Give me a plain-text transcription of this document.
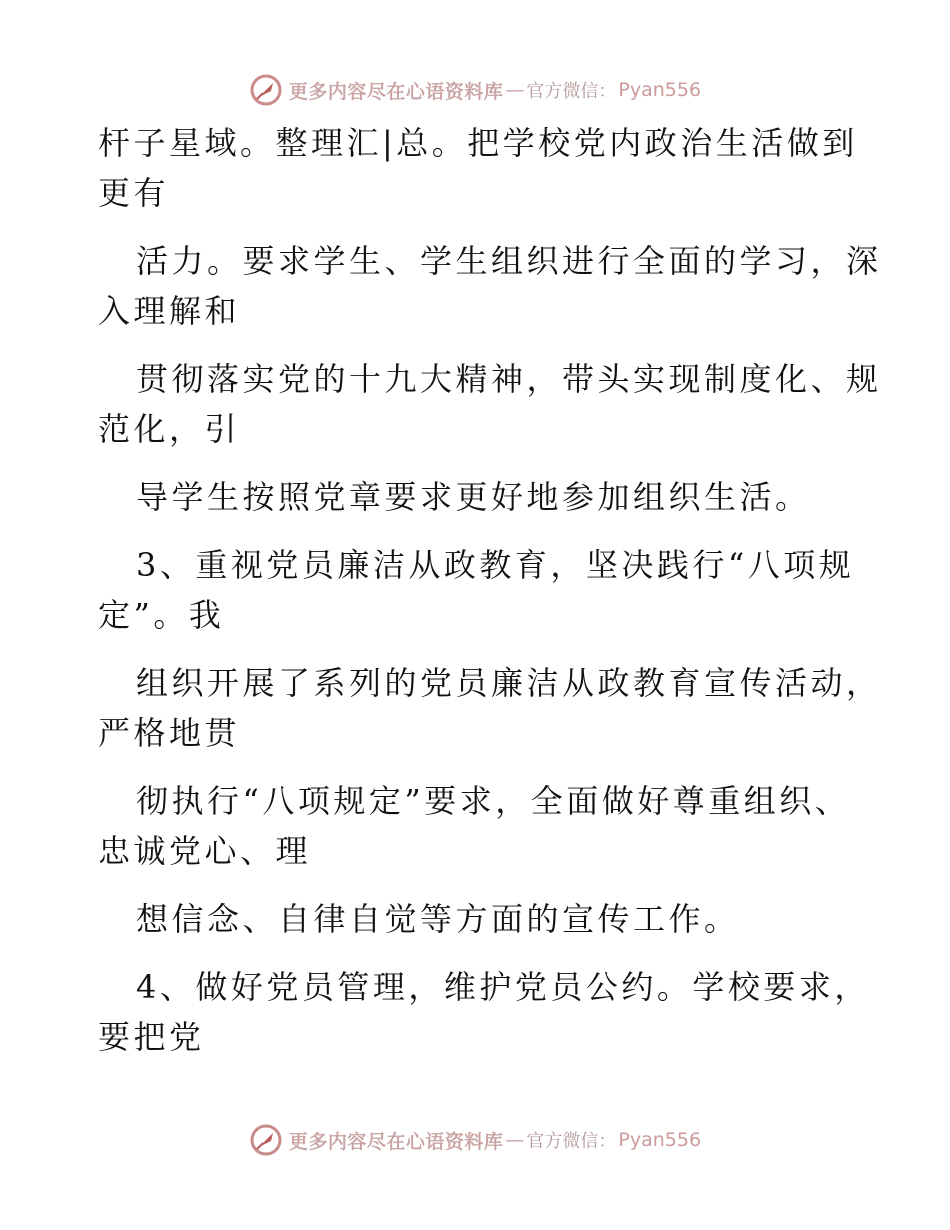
更多内容尽在心语资料库 — 官方微信： Pyan556
杆子星域。整理汇|总。把学校党内政治生活做到
更有
活力。要求学生、学生组织进行全面的学习，深
入理解和
贯彻落实党的十九大精神，带头实现制度化、规
范化，引
导学生按照党章要求更好地参加组织生活。
3、重视党员廉洁从政教育，坚决践行“八项规
定”。我
组织开展了系列的党员廉洁从政教育宣传活动，
严格地贯
彻执行“八项规定”要求，全面做好尊重组织、
忠诚党心、理
想信念、自律自觉等方面的宣传工作。
4、做好党员管理，维护党员公约。学校要求，
要把党
更多内容尽在心语资料库 — 官方微信： Pyan556
